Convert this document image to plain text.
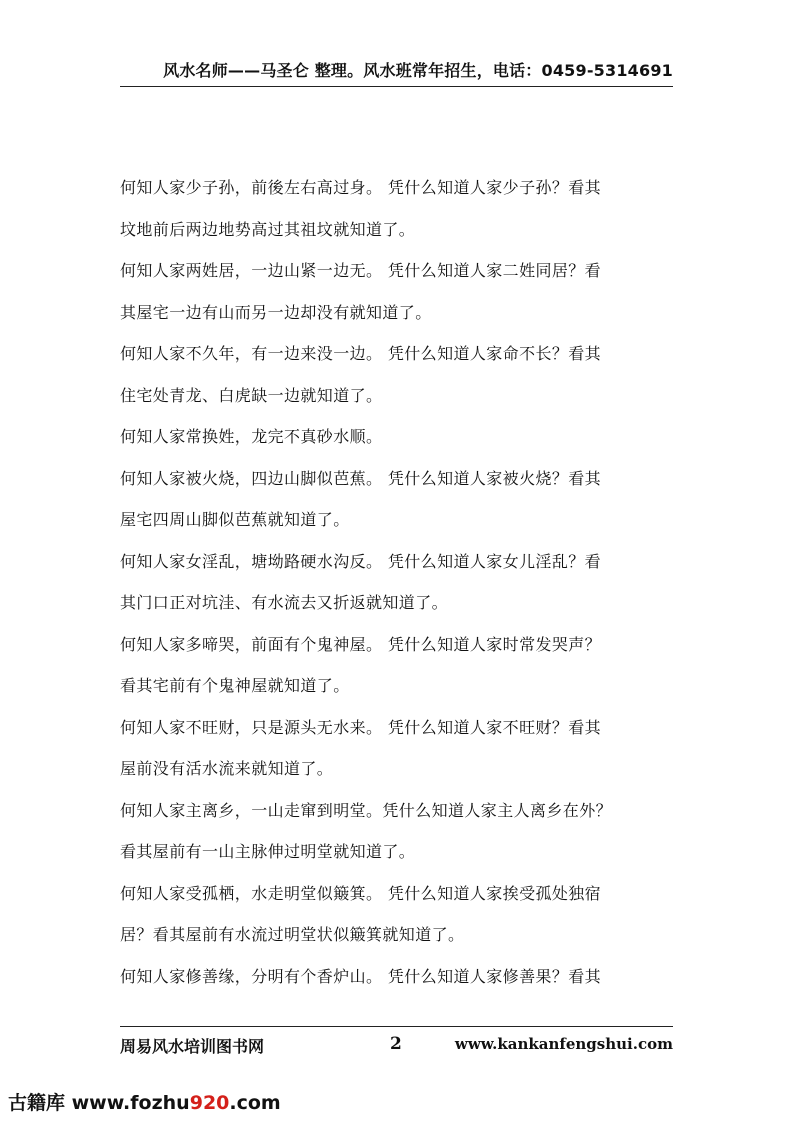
风水名师——马圣仑 整理。风水班常年招生，电话：0459-5314691
何知人家少子孙，前後左右高过身。 凭什么知道人家少子孙？看其
坟地前后两边地势高过其祖坟就知道了。
何知人家两姓居，一边山紧一边无。 凭什么知道人家二姓同居？看
其屋宅一边有山而另一边却没有就知道了。
何知人家不久年，有一边来没一边。 凭什么知道人家命不长？看其
住宅处青龙、白虎缺一边就知道了。
何知人家常换姓，龙完不真砂水顺。
何知人家被火烧，四边山脚似芭蕉。 凭什么知道人家被火烧？看其
屋宅四周山脚似芭蕉就知道了。
何知人家女淫乱，塘坳路硬水沟反。 凭什么知道人家女儿淫乱？看
其门口正对坑洼、有水流去又折返就知道了。
何知人家多啼哭，前面有个鬼神屋。 凭什么知道人家时常发哭声？
看其宅前有个鬼神屋就知道了。
何知人家不旺财，只是源头无水来。 凭什么知道人家不旺财？看其
屋前没有活水流来就知道了。
何知人家主离乡，一山走窜到明堂。凭什么知道人家主人离乡在外？
看其屋前有一山主脉伸过明堂就知道了。
何知人家受孤栖，水走明堂似簸箕。 凭什么知道人家挨受孤处独宿
居？看其屋前有水流过明堂状似簸箕就知道了。
何知人家修善缘，分明有个香炉山。 凭什么知道人家修善果？看其
周易风水培训图书网	2	www.kankanfengshui.com
古籍库 www.fozhu920.com
